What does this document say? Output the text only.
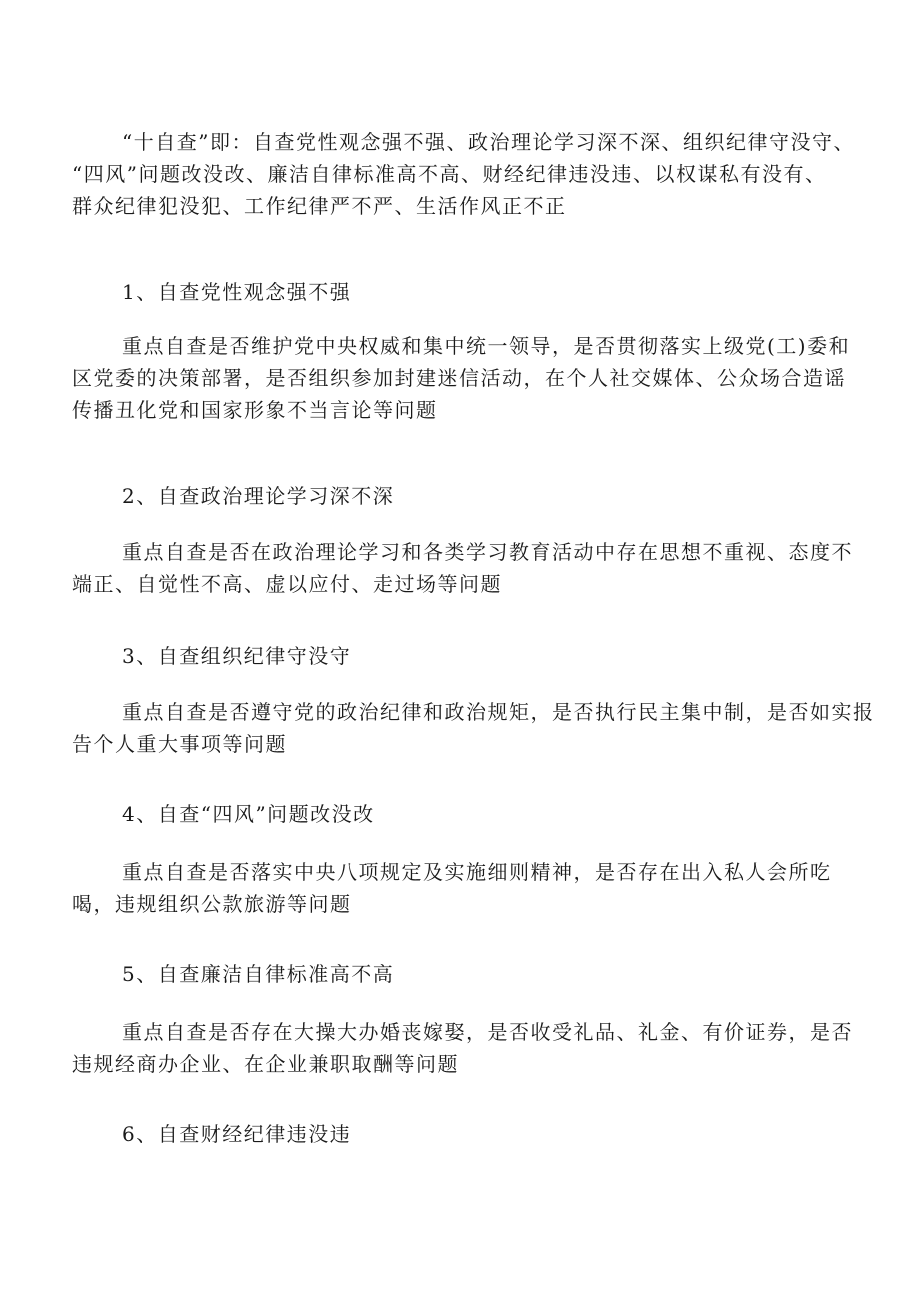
“十自查”即：自查党性观念强不强、政治理论学习深不深、组织纪律守没守、
“四风”问题改没改、廉洁自律标准高不高、财经纪律违没违、以权谋私有没有、
群众纪律犯没犯、工作纪律严不严、生活作风正不正

1、自查党性观念强不强

重点自查是否维护党中央权威和集中统一领导，是否贯彻落实上级党(工)委和
区党委的决策部署，是否组织参加封建迷信活动，在个人社交媒体、公众场合造谣
传播丑化党和国家形象不当言论等问题

2、自查政治理论学习深不深

重点自查是否在政治理论学习和各类学习教育活动中存在思想不重视、态度不
端正、自觉性不高、虚以应付、走过场等问题

3、自查组织纪律守没守

重点自查是否遵守党的政治纪律和政治规矩，是否执行民主集中制，是否如实报
告个人重大事项等问题

4、自查“四风”问题改没改

重点自查是否落实中央八项规定及实施细则精神，是否存在出入私人会所吃
喝，违规组织公款旅游等问题

5、自查廉洁自律标准高不高

重点自查是否存在大操大办婚丧嫁娶，是否收受礼品、礼金、有价证券，是否
违规经商办企业、在企业兼职取酬等问题

6、自查财经纪律违没违
